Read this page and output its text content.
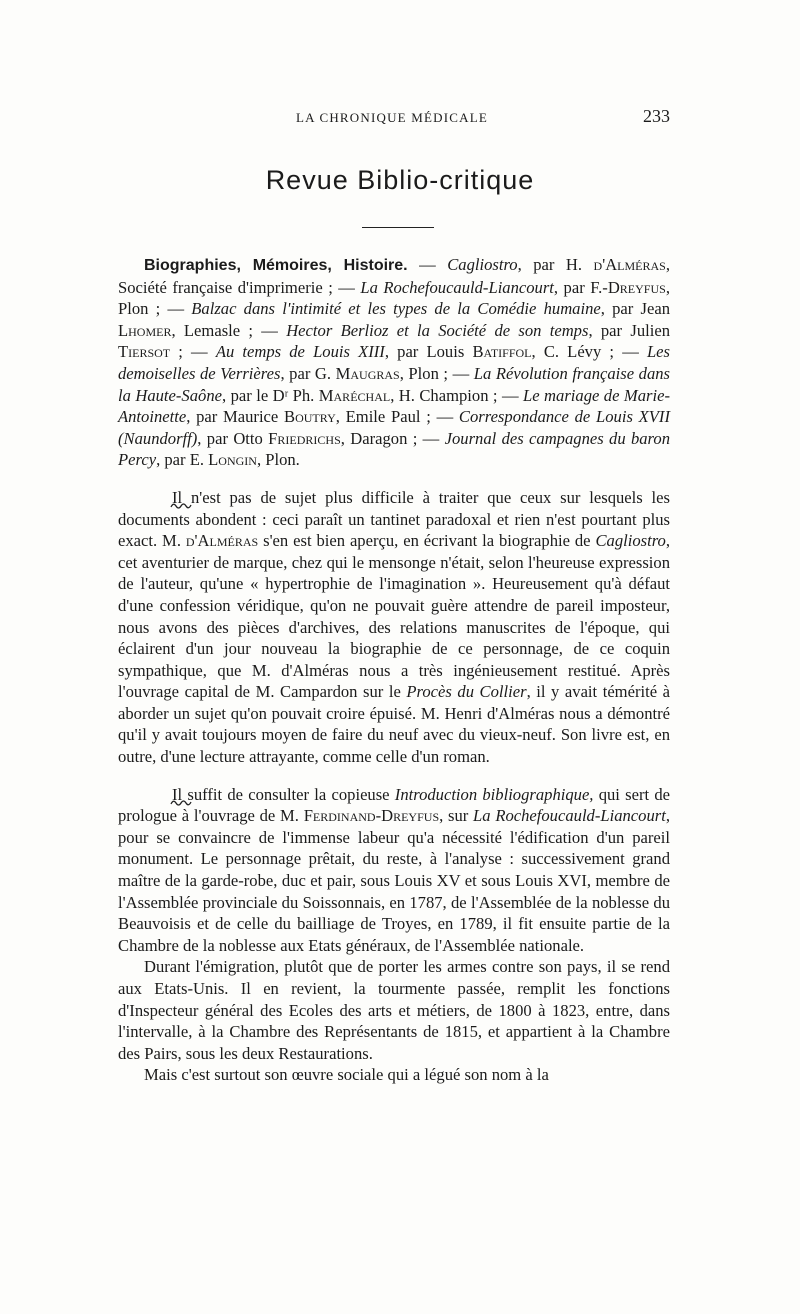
LA CHRONIQUE MÉDICALE	233
Revue Biblio-critique

Biographies, Mémoires, Histoire. — Cagliostro, par H. d'Alméras, Société française d'imprimerie ; — La Rochefoucauld-Liancourt, par F.-Dreyfus, Plon ; — Balzac dans l'intimité et les types de la Comédie humaine, par Jean Lhomer, Lemasle ; — Hector Berlioz et la Société de son temps, par Julien Tiersot ; — Au temps de Louis XIII, par Louis Batiffol, C. Lévy ; — Les demoiselles de Verrières, par G. Maugras, Plon ; — La Révolution française dans la Haute-Saône, par le Dʳ Ph. Maréchal, H. Champion ; — Le mariage de Marie-Antoinette, par Maurice Boutry, Emile Paul ; — Correspondance de Louis XVII (Naundorff), par Otto Friedrichs, Daragon ; — Journal des campagnes du baron Percy, par E. Longin, Plon.

Il n'est pas de sujet plus difficile à traiter que ceux sur lesquels les documents abondent : ceci paraît un tantinet paradoxal et rien n'est pourtant plus exact. M. d'Alméras s'en est bien aperçu, en écrivant la biographie de Cagliostro, cet aventurier de marque, chez qui le mensonge n'était, selon l'heureuse expression de l'auteur, qu'une « hypertrophie de l'imagination ». Heureusement qu'à défaut d'une confession véridique, qu'on ne pouvait guère attendre de pareil imposteur, nous avons des pièces d'archives, des relations manuscrites de l'époque, qui éclairent d'un jour nouveau la biographie de ce personnage, de ce coquin sympathique, que M. d'Alméras nous a très ingénieusement restitué. Après l'ouvrage capital de M. Campardon sur le Procès du Collier, il y avait témérité à aborder un sujet qu'on pouvait croire épuisé. M. Henri d'Alméras nous a démontré qu'il y avait toujours moyen de faire du neuf avec du vieux-neuf. Son livre est, en outre, d'une lecture attrayante, comme celle d'un roman.

Il suffit de consulter la copieuse Introduction bibliographique, qui sert de prologue à l'ouvrage de M. Ferdinand-Dreyfus, sur La Rochefoucauld-Liancourt, pour se convaincre de l'immense labeur qu'a nécessité l'édification d'un pareil monument. Le personnage prêtait, du reste, à l'analyse : successivement grand maître de la garde-robe, duc et pair, sous Louis XV et sous Louis XVI, membre de l'Assemblée provinciale du Soissonnais, en 1787, de l'Assemblée de la noblesse du Beauvoisis et de celle du bailliage de Troyes, en 1789, il fit ensuite partie de la Chambre de la noblesse aux Etats généraux, de l'Assemblée nationale.

Durant l'émigration, plutôt que de porter les armes contre son pays, il se rend aux Etats-Unis. Il en revient, la tourmente passée, remplit les fonctions d'Inspecteur général des Ecoles des arts et métiers, de 1800 à 1823, entre, dans l'intervalle, à la Chambre des Représentants de 1815, et appartient à la Chambre des Pairs, sous les deux Restaurations.

Mais c'est surtout son œuvre sociale qui a légué son nom à la
